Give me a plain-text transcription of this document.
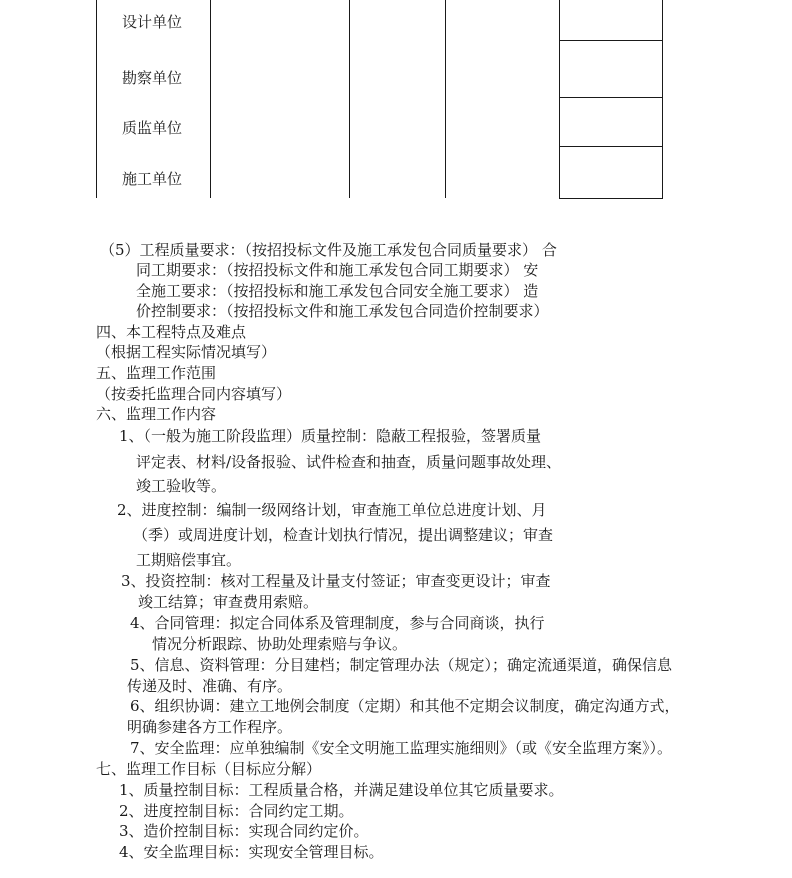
设计单位
勘察单位
质监单位
施工单位
（5）工程质量要求：（按招投标文件及施工承发包合同质量要求） 合
同工期要求：（按招投标文件和施工承发包合同工期要求） 安
全施工要求：（按招投标和施工承发包合同安全施工要求） 造
价控制要求：（按招投标文件和施工承发包合同造价控制要求）
四、本工程特点及难点
（根据工程实际情况填写）
五、监理工作范围
（按委托监理合同内容填写）
六、监理工作内容
1、（一般为施工阶段监理）质量控制：隐蔽工程报验，签署质量
评定表、材料/设备报验、试件检查和抽查，质量问题事故处理、
竣工验收等。
2、进度控制：编制一级网络计划，审查施工单位总进度计划、月
（季）或周进度计划，检查计划执行情况，提出调整建议；审查
工期赔偿事宜。
3、投资控制：核对工程量及计量支付签证；审查变更设计；审查
竣工结算；审查费用索赔。
4、合同管理：拟定合同体系及管理制度，参与合同商谈，执行
情况分析跟踪、协助处理索赔与争议。
5、信息、资料管理：分目建档；制定管理办法（规定）；确定流通渠道，确保信息
传递及时、准确、有序。
6、组织协调：建立工地例会制度（定期）和其他不定期会议制度，确定沟通方式，
明确参建各方工作程序。
7、安全监理：应单独编制《安全文明施工监理实施细则》（或《安全监理方案》）。
七、监理工作目标（目标应分解）
1、质量控制目标：工程质量合格，并满足建设单位其它质量要求。
2、进度控制目标：合同约定工期。
3、造价控制目标：实现合同约定价。
4、安全监理目标：实现安全管理目标。
